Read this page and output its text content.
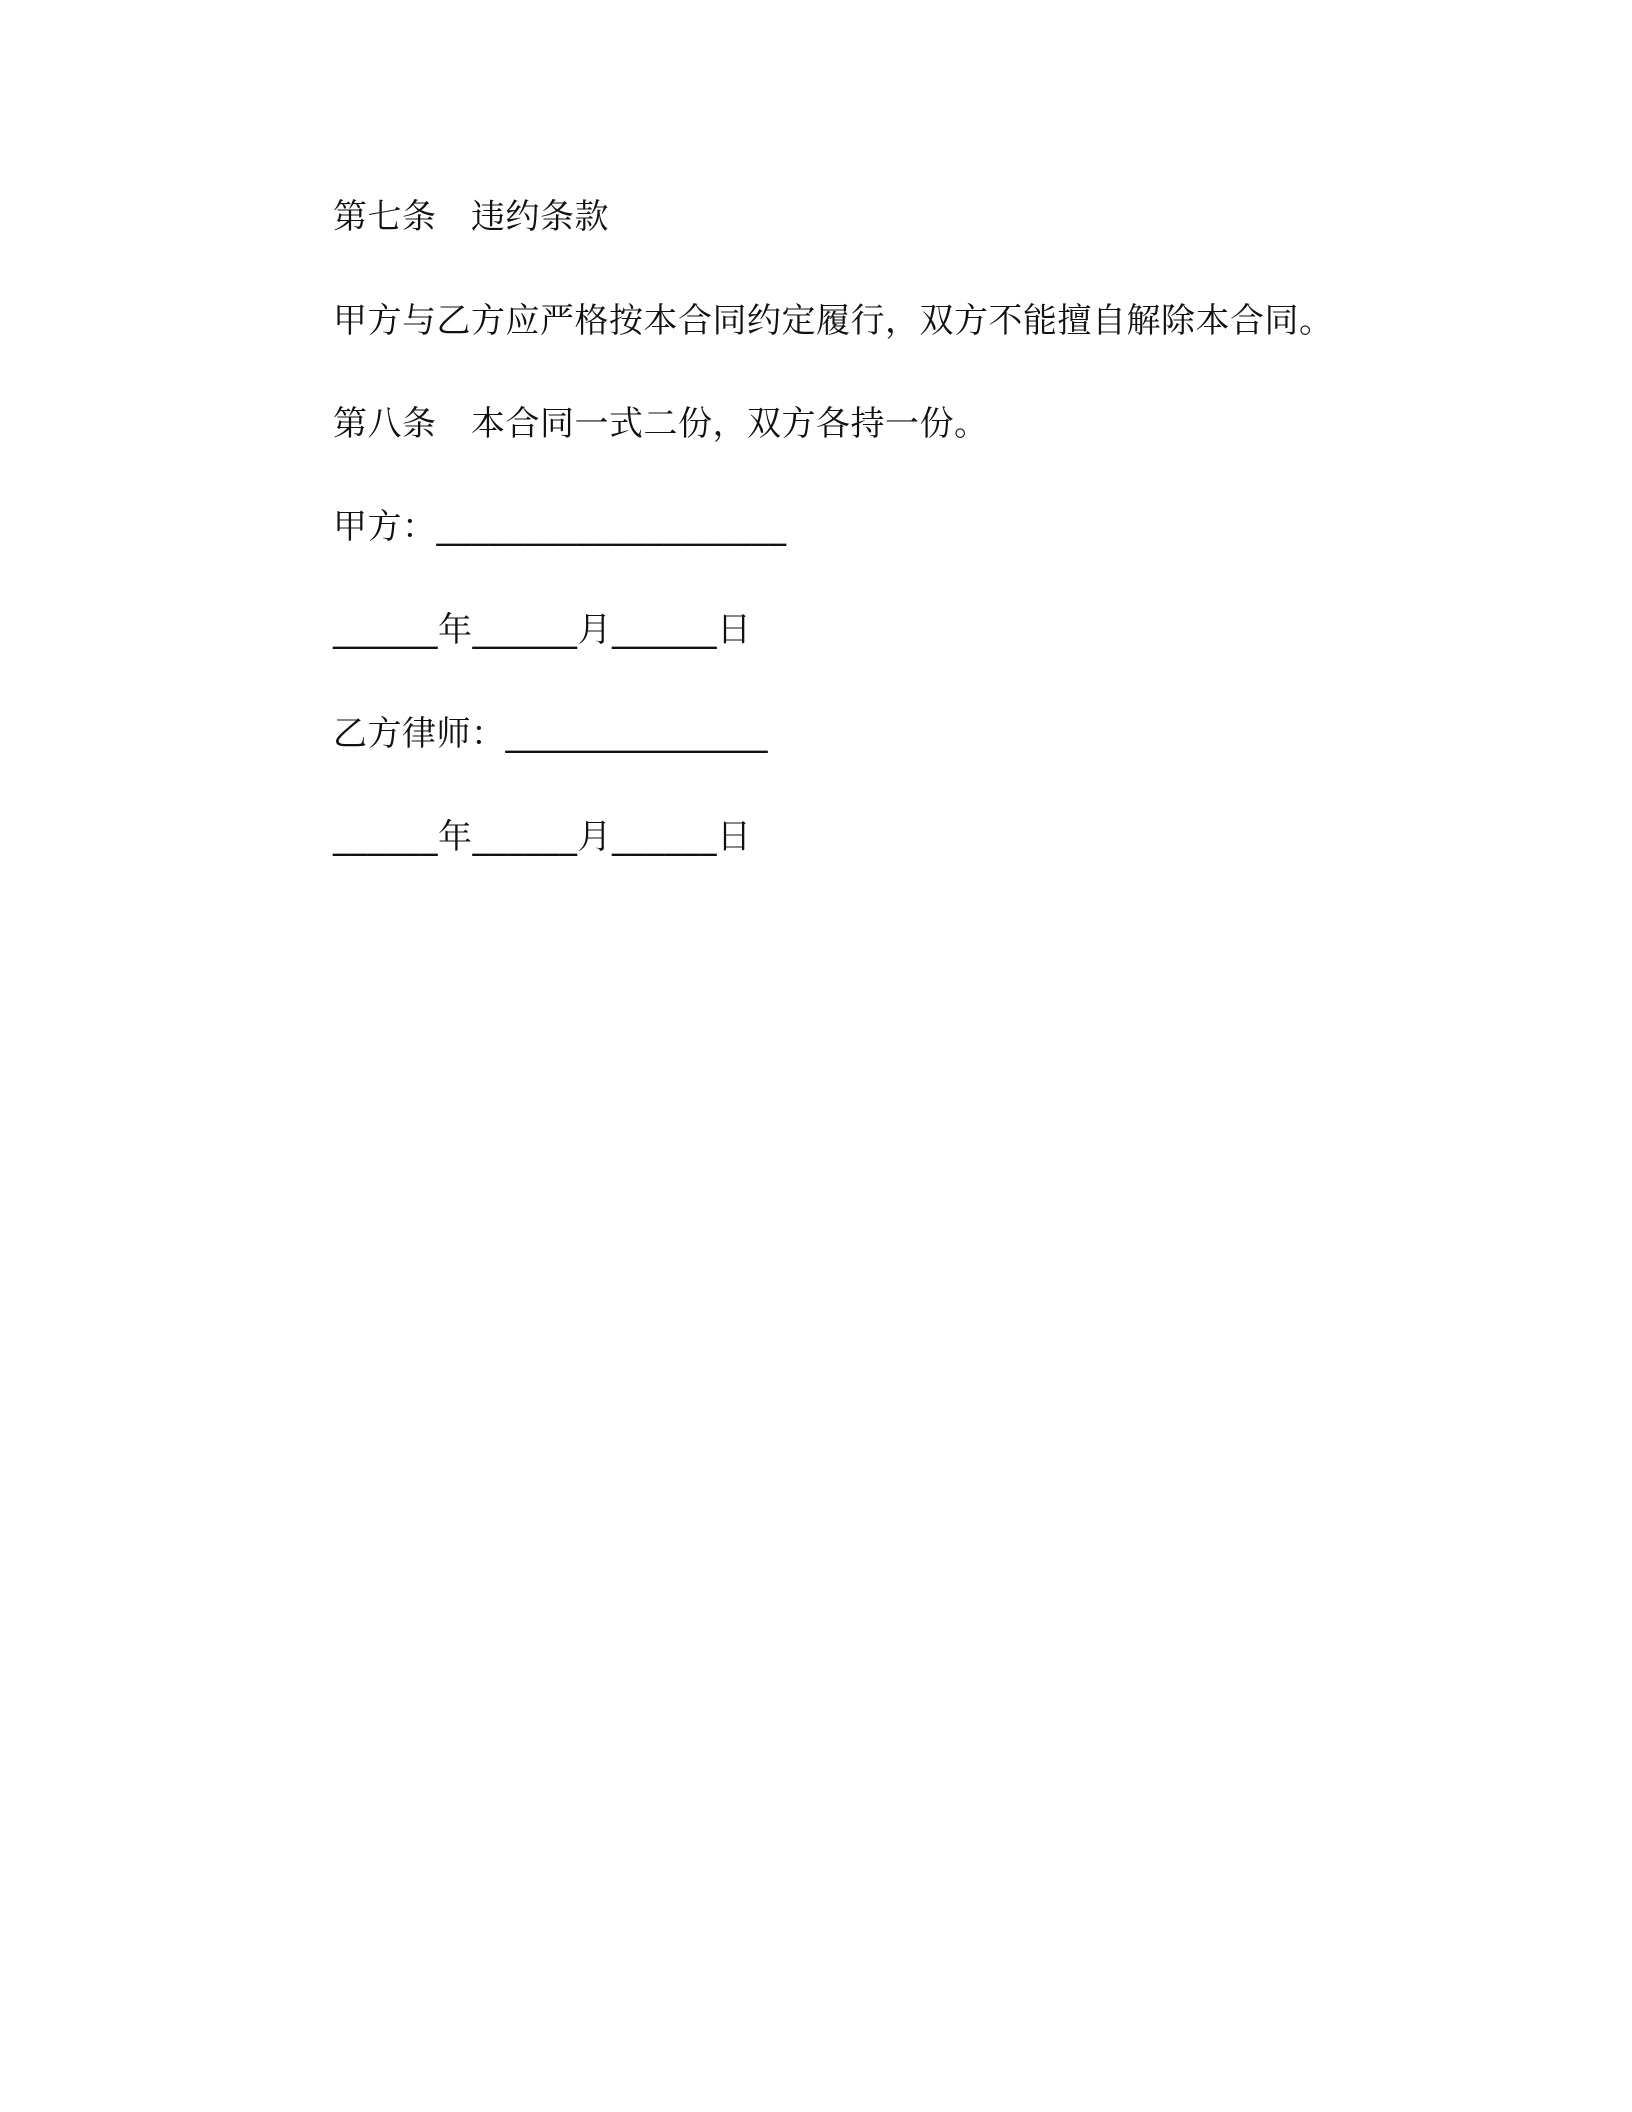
第七条　违约条款

甲方与乙方应严格按本合同约定履行，双方不能擅自解除本合同。

第八条　本合同一式二份，双方各持一份。

甲方：____________________

______年______月______日

乙方律师：_______________

______年______月______日
